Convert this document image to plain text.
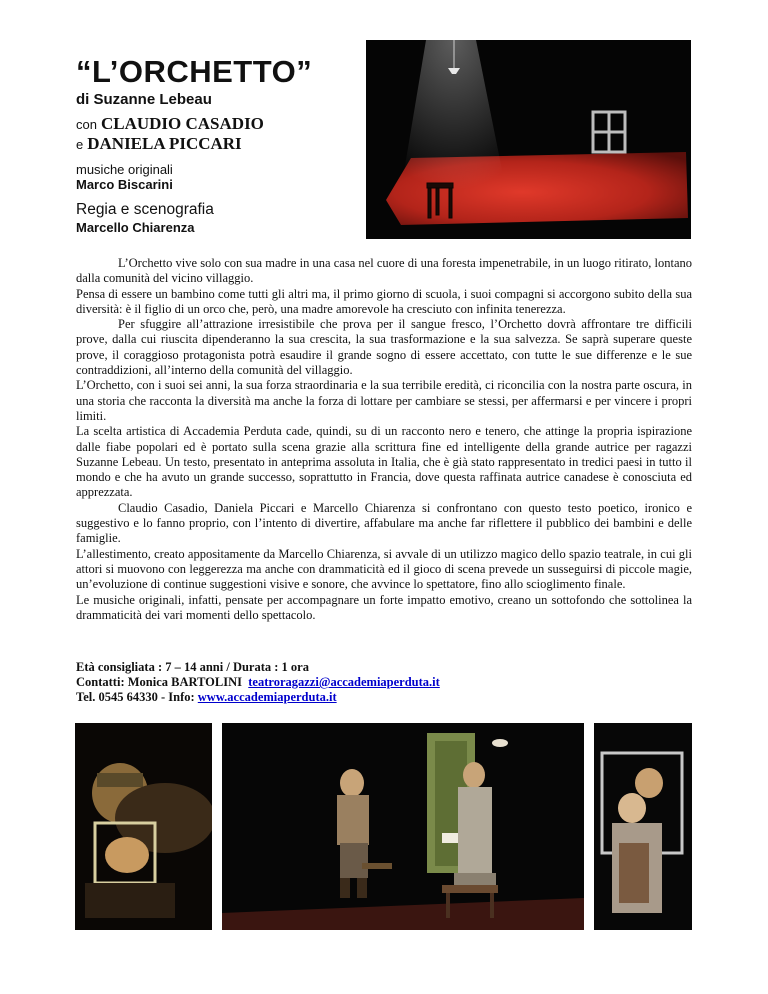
“L’ORCHETTO”
di Suzanne Lebeau
con CLAUDIO CASADIO
e DANIELA PICCARI
musiche originali
Marco Biscarini
Regia e scenografia
Marcello Chiarenza

L’Orchetto vive solo con sua madre in una casa nel cuore di una foresta impenetrabile, in un luogo ritirato, lontano dalla comunità del vicino villaggio.

Pensa di essere un bambino come tutti gli altri ma, il primo giorno di scuola, i suoi compagni si accorgono subito della sua diversità: è il figlio di un orco che, però, una madre amorevole ha cresciuto con infinita tenerezza.

Per sfuggire all’attrazione irresistibile che prova per il sangue fresco, l’Orchetto dovrà affrontare tre difficili prove, dalla cui riuscita dipenderanno la sua crescita, la sua trasformazione e la sua salvezza. Se saprà superare queste prove, il coraggioso protagonista potrà esaudire il grande sogno di essere accettato, con tutte le sue differenze e le sue contraddizioni, all’interno della comunità del villaggio.

L’Orchetto, con i suoi sei anni, la sua forza straordinaria e la sua terribile eredità, ci riconcilia con la nostra parte oscura, in una storia che racconta la diversità ma anche la forza di lottare per cambiare se stessi, per affermarsi e per vincere i propri limiti.

La scelta artistica di Accademia Perduta cade, quindi, su di un racconto nero e tenero, che attinge la propria ispirazione dalle fiabe popolari ed è portato sulla scena grazie alla scrittura fine ed intelligente della grande autrice per ragazzi Suzanne Lebeau. Un testo, presentato in anteprima assoluta in Italia, che è già stato rappresentato in tredici paesi in tutto il mondo e che ha avuto un grande successo, soprattutto in Francia, dove questa raffinata autrice canadese è conosciuta ed apprezzata.

Claudio Casadio, Daniela Piccari e Marcello Chiarenza si confrontano con questo testo poetico, ironico e suggestivo e lo fanno proprio, con l’intento di divertire, affabulare ma anche far riflettere il pubblico dei bambini e delle famiglie.

L’allestimento, creato appositamente da Marcello Chiarenza, si avvale di un utilizzo magico dello spazio teatrale, in cui gli attori si muovono con leggerezza ma anche con drammaticità ed il gioco di scena prevede un susseguirsi di piccole magie, un’evoluzione di continue suggestioni visive e sonore, che avvince lo spettatore, fino allo scioglimento finale.

Le musiche originali, infatti, pensate per accompagnare un forte impatto emotivo, creano un sottofondo che sottolinea la drammaticità dei vari momenti dello spettacolo.

Età consigliata : 7 – 14 anni / Durata : 1 ora
Contatti: Monica BARTOLINI teatroragazzi@accademiaperduta.it
Tel. 0545 64330 - Info: www.accademiaperduta.it
